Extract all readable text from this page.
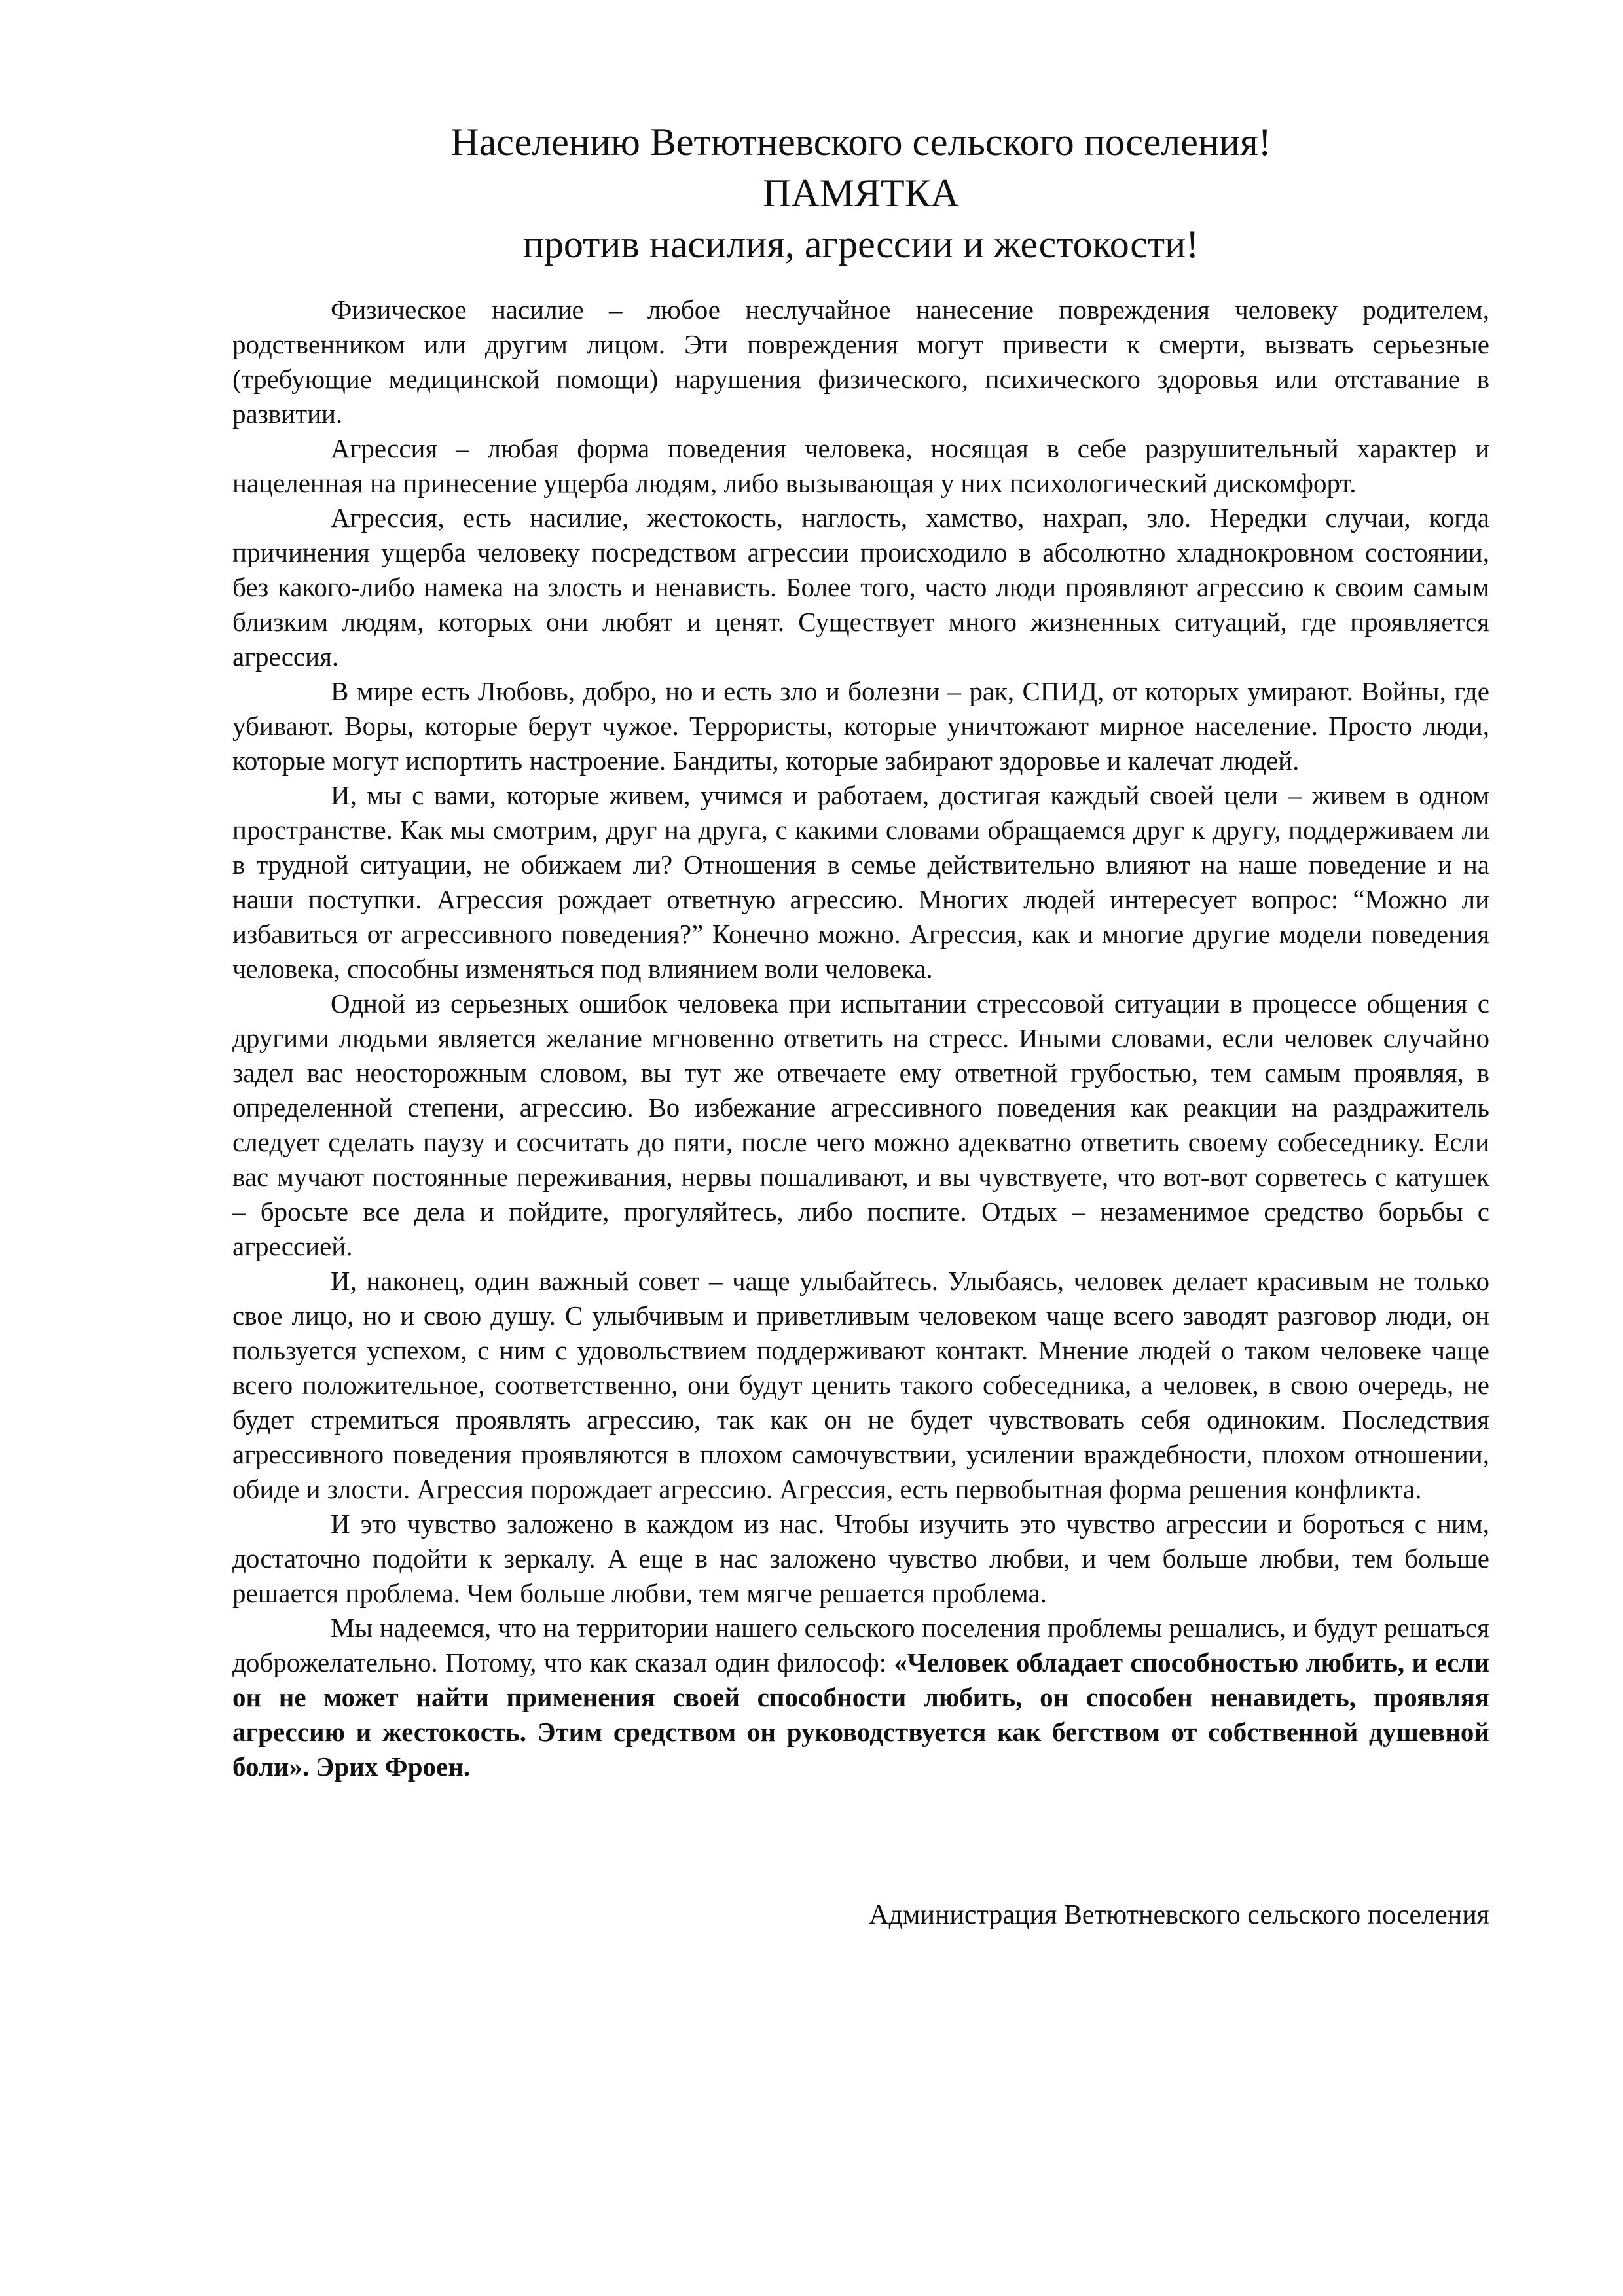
Населению Ветютневского сельского поселения!
ПАМЯТКА
против насилия, агрессии и жестокости!

Физическое насилие – любое неслучайное нанесение повреждения человеку родителем, родственником или другим лицом. Эти повреждения могут привести к смерти, вызвать серьезные (требующие медицинской помощи) нарушения физического, психического здоровья или отставание в развитии.

Агрессия – любая форма поведения человека, носящая в себе разрушительный характер и нацеленная на принесение ущерба людям, либо вызывающая у них психологический дискомфорт.

Агрессия, есть насилие, жестокость, наглость, хамство, нахрап, зло. Нередки случаи, когда причинения ущерба человеку посредством агрессии происходило в абсолютно хладнокровном состоянии, без какого-либо намека на злость и ненависть. Более того, часто люди проявляют агрессию к своим самым близким людям, которых они любят и ценят. Существует много жизненных ситуаций, где проявляется агрессия.

В мире есть Любовь, добро, но и есть зло и болезни – рак, СПИД, от которых умирают. Войны, где убивают. Воры, которые берут чужое. Террористы, которые уничтожают мирное население. Просто люди, которые могут испортить настроение. Бандиты, которые забирают здоровье и калечат людей.

И, мы с вами, которые живем, учимся и работаем, достигая каждый своей цели – живем в одном пространстве. Как мы смотрим, друг на друга, с какими словами обращаемся друг к другу, поддерживаем ли в трудной ситуации, не обижаем ли? Отношения в семье действительно влияют на наше поведение и на наши поступки. Агрессия рождает ответную агрессию. Многих людей интересует вопрос: “Можно ли избавиться от агрессивного поведения?” Конечно можно. Агрессия, как и многие другие модели поведения человека, способны изменяться под влиянием воли человека.

Одной из серьезных ошибок человека при испытании стрессовой ситуации в процессе общения с другими людьми является желание мгновенно ответить на стресс. Иными словами, если человек случайно задел вас неосторожным словом, вы тут же отвечаете ему ответной грубостью, тем самым проявляя, в определенной степени, агрессию. Во избежание агрессивного поведения как реакции на раздражитель следует сделать паузу и сосчитать до пяти, после чего можно адекватно ответить своему собеседнику. Если вас мучают постоянные переживания, нервы пошаливают, и вы чувствуете, что вот-вот сорветесь с катушек – бросьте все дела и пойдите, прогуляйтесь, либо поспите. Отдых – незаменимое средство борьбы с агрессией.

И, наконец, один важный совет – чаще улыбайтесь. Улыбаясь, человек делает красивым не только свое лицо, но и свою душу. С улыбчивым и приветливым человеком чаще всего заводят разговор люди, он пользуется успехом, с ним с удовольствием поддерживают контакт. Мнение людей о таком человеке чаще всего положительное, соответственно, они будут ценить такого собеседника, а человек, в свою очередь, не будет стремиться проявлять агрессию, так как он не будет чувствовать себя одиноким. Последствия агрессивного поведения проявляются в плохом самочувствии, усилении враждебности, плохом отношении, обиде и злости. Агрессия порождает агрессию. Агрессия, есть первобытная форма решения конфликта.

И это чувство заложено в каждом из нас. Чтобы изучить это чувство агрессии и бороться с ним, достаточно подойти к зеркалу. А еще в нас заложено чувство любви, и чем больше любви, тем больше решается проблема. Чем больше любви, тем мягче решается проблема.

Мы надеемся, что на территории нашего сельского поселения проблемы решались, и будут решаться доброжелательно. Потому, что как сказал один философ: «Человек обладает способностью любить, и если он не может найти применения своей способности любить, он способен ненавидеть, проявляя агрессию и жестокость. Этим средством он руководствуется как бегством от собственной душевной боли». Эрих Фроен.

Администрация Ветютневского сельского поселения
